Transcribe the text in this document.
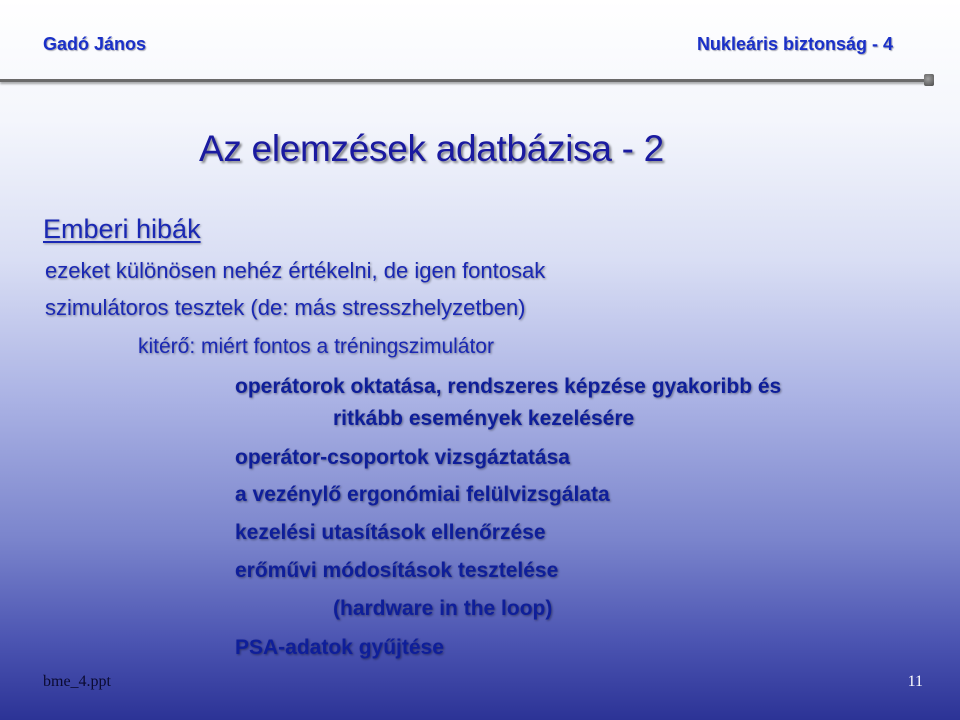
Gadó János	Nukleáris biztonság - 4
Az elemzések adatbázisa - 2
Emberi hibák
ezeket különösen nehéz értékelni, de igen fontosak
szimulátoros tesztek (de: más stresszhelyzetben)
kitérő: miért fontos a tréningszimulátor
operátorok oktatása, rendszeres képzése gyakoribb és
ritkább események kezelésére
operátor-csoportok vizsgáztatása
a vezénylő ergonómiai felülvizsgálata
kezelési utasítások ellenőrzése
erőművi módosítások tesztelése
(hardware in the loop)
PSA-adatok gyűjtése
bme_4.ppt	11
